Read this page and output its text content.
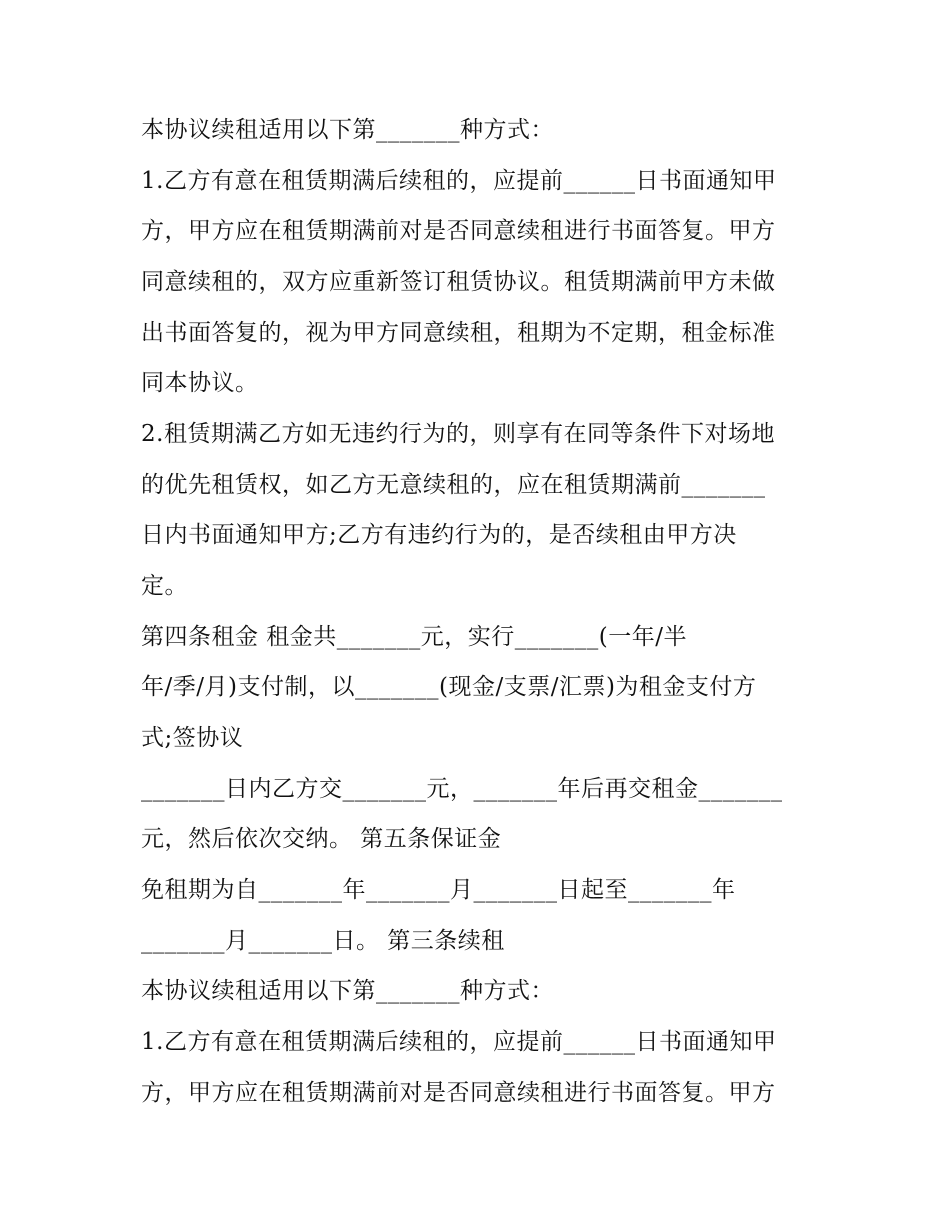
本协议续租适用以下第_______种方式：
1.乙方有意在租赁期满后续租的，应提前______日书面通知甲
方，甲方应在租赁期满前对是否同意续租进行书面答复。甲方
同意续租的，双方应重新签订租赁协议。租赁期满前甲方未做
出书面答复的，视为甲方同意续租，租期为不定期，租金标准
同本协议。
2.租赁期满乙方如无违约行为的，则享有在同等条件下对场地
的优先租赁权，如乙方无意续租的，应在租赁期满前_______
日内书面通知甲方;乙方有违约行为的，是否续租由甲方决
定。
第四条租金 租金共_______元，实行_______(一年/半
年/季/月)支付制，以_______(现金/支票/汇票)为租金支付方
式;签协议
_______日内乙方交_______元，_______年后再交租金_______
元，然后依次交纳。 第五条保证金
免租期为自_______年_______月_______日起至_______年
_______月_______日。 第三条续租
本协议续租适用以下第_______种方式：
1.乙方有意在租赁期满后续租的，应提前______日书面通知甲
方，甲方应在租赁期满前对是否同意续租进行书面答复。甲方
